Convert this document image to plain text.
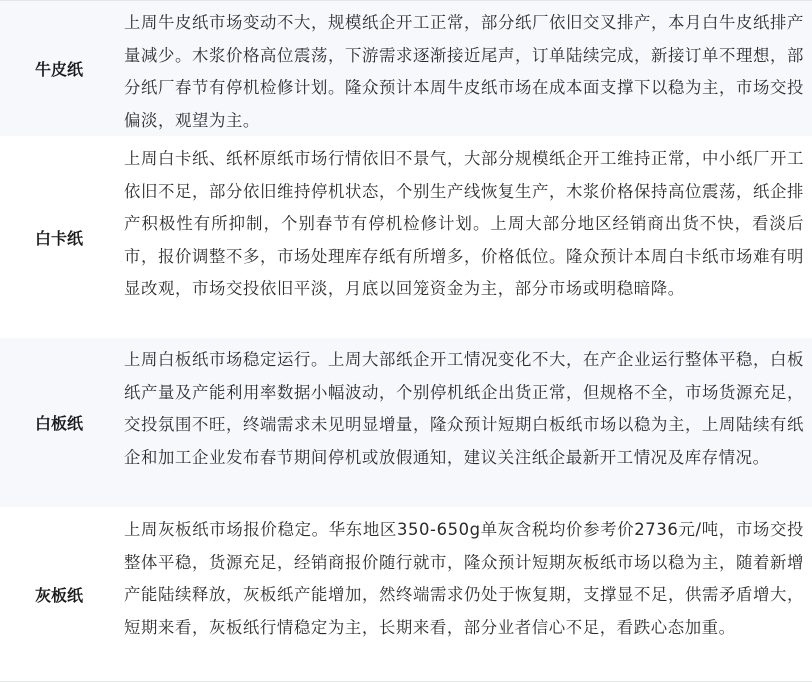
牛皮纸
上周牛皮纸市场变动不大，规模纸企开工正常，部分纸厂依旧交叉排产，本月白牛皮纸排产量减少。木浆价格高位震荡，下游需求逐渐接近尾声，订单陆续完成，新接订单不理想，部分纸厂春节有停机检修计划。隆众预计本周牛皮纸市场在成本面支撑下以稳为主，市场交投偏淡，观望为主。
白卡纸
上周白卡纸、纸杯原纸市场行情依旧不景气，大部分规模纸企开工维持正常，中小纸厂开工依旧不足，部分依旧维持停机状态，个别生产线恢复生产，木浆价格保持高位震荡，纸企排产积极性有所抑制，个别春节有停机检修计划。上周大部分地区经销商出货不快，看淡后市，报价调整不多，市场处理库存纸有所增多，价格低位。隆众预计本周白卡纸市场难有明显改观，市场交投依旧平淡，月底以回笼资金为主，部分市场或明稳暗降。
白板纸
上周白板纸市场稳定运行。上周大部纸企开工情况变化不大，在产企业运行整体平稳，白板纸产量及产能利用率数据小幅波动，个别停机纸企出货正常，但规格不全，市场货源充足，交投氛围不旺，终端需求未见明显增量，隆众预计短期白板纸市场以稳为主，上周陆续有纸企和加工企业发布春节期间停机或放假通知，建议关注纸企最新开工情况及库存情况。
灰板纸
上周灰板纸市场报价稳定。华东地区350-650g单灰含税均价参考价2736元/吨，市场交投整体平稳，货源充足，经销商报价随行就市，隆众预计短期灰板纸市场以稳为主，随着新增产能陆续释放，灰板纸产能增加，然终端需求仍处于恢复期，支撑显不足，供需矛盾增大，短期来看，灰板纸行情稳定为主，长期来看，部分业者信心不足，看跌心态加重。
